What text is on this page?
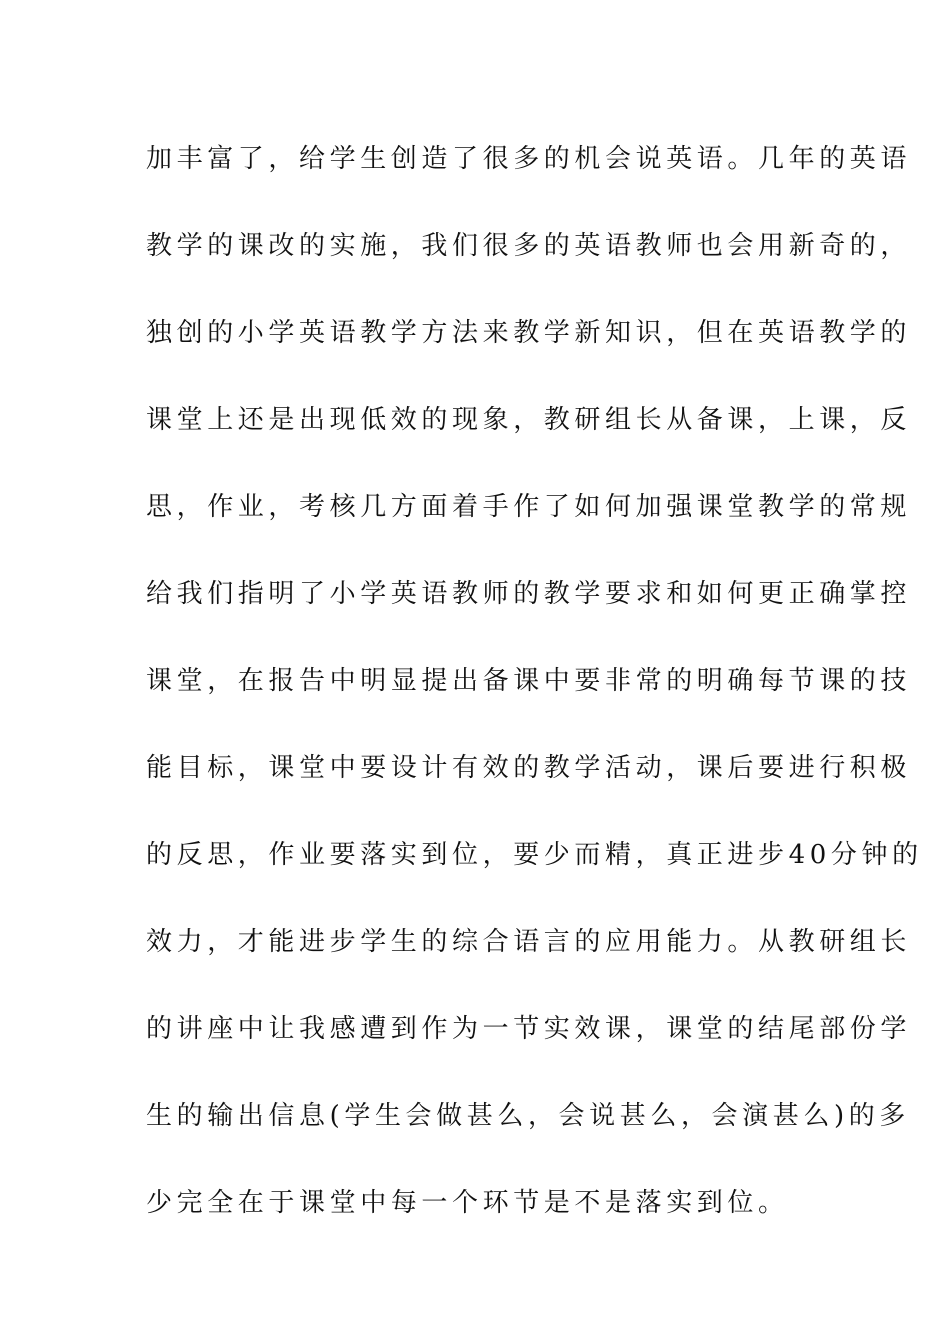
加丰富了，给学生创造了很多的机会说英语。几年的英语
教学的课改的实施，我们很多的英语教师也会用新奇的，
独创的小学英语教学方法来教学新知识，但在英语教学的
课堂上还是出现低效的现象，教研组长从备课，上课，反
思，作业，考核几方面着手作了如何加强课堂教学的常规
给我们指明了小学英语教师的教学要求和如何更正确掌控
课堂，在报告中明显提出备课中要非常的明确每节课的技
能目标，课堂中要设计有效的教学活动，课后要进行积极
的反思，作业要落实到位，要少而精，真正进步40分钟的
效力，才能进步学生的综合语言的应用能力。从教研组长
的讲座中让我感遭到作为一节实效课，课堂的结尾部份学
生的输出信息(学生会做甚么，会说甚么，会演甚么)的多
少完全在于课堂中每一个环节是不是落实到位。
